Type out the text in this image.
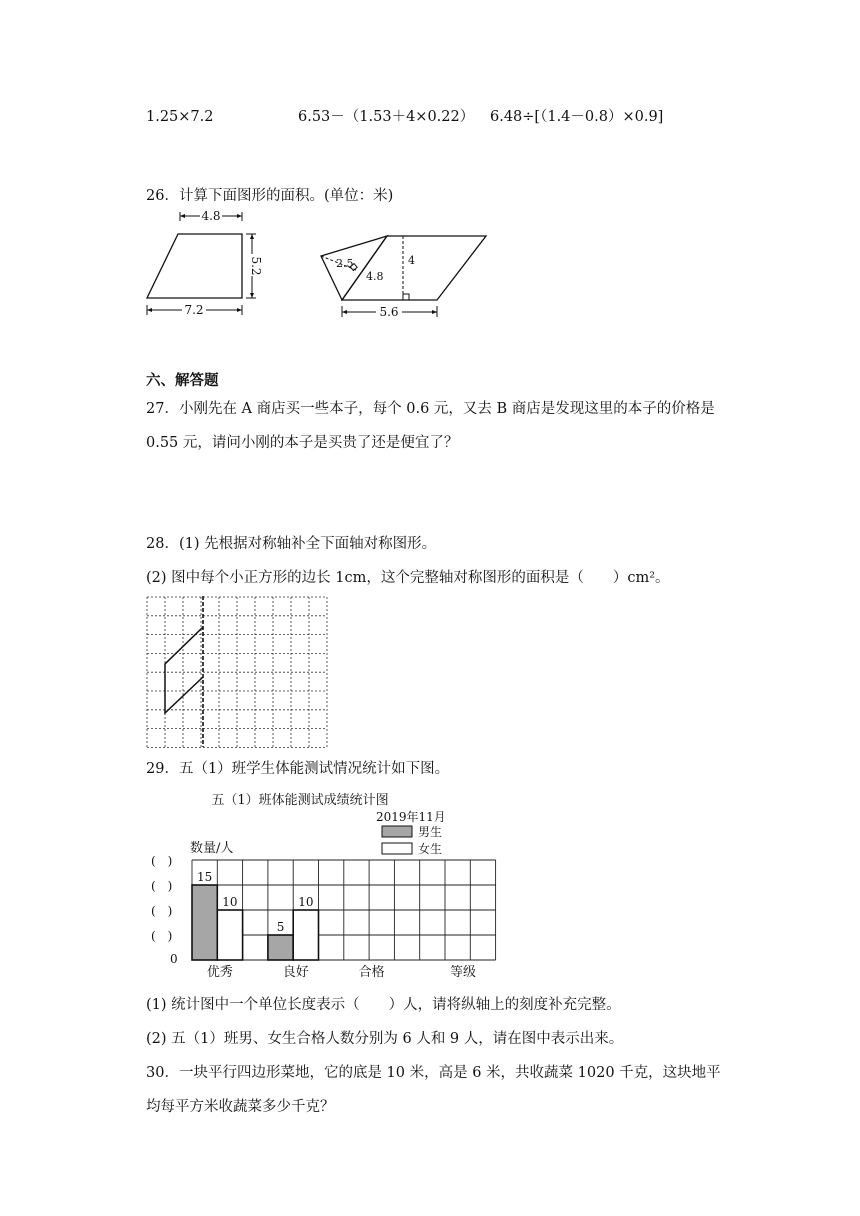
1.25×7.2	6.53－（1.53＋4×0.22） 6.48÷[（1.4－0.8）×0.9]
26．计算下面图形的面积。(单位：米)
4.8
5.2
7.2
2.5
4.8
4
5.6
六、解答题
27．小刚先在 A 商店买一些本子，每个 0.6 元，又去 B 商店是发现这里的本子的价格是
0.55 元，请问小刚的本子是买贵了还是便宜了？
28．(1) 先根据对称轴补全下面轴对称图形。
(2) 图中每个小正方形的边长 1cm，这个完整轴对称图形的面积是（　　）cm²。
29．五（1）班学生体能测试情况统计如下图。
五（1）班体能测试成绩统计图
2019年11月
男生
女生
数量/人
0
等级
(　)
(　)
(　)
(　)
优秀
15
10
良好
5
10
合格
(1) 统计图中一个单位长度表示（　　）人，请将纵轴上的刻度补充完整。
(2) 五（1）班男、女生合格人数分别为 6 人和 9 人，请在图中表示出来。
30．一块平行四边形菜地，它的底是 10 米，高是 6 米，共收蔬菜 1020 千克，这块地平
均每平方米收蔬菜多少千克？
